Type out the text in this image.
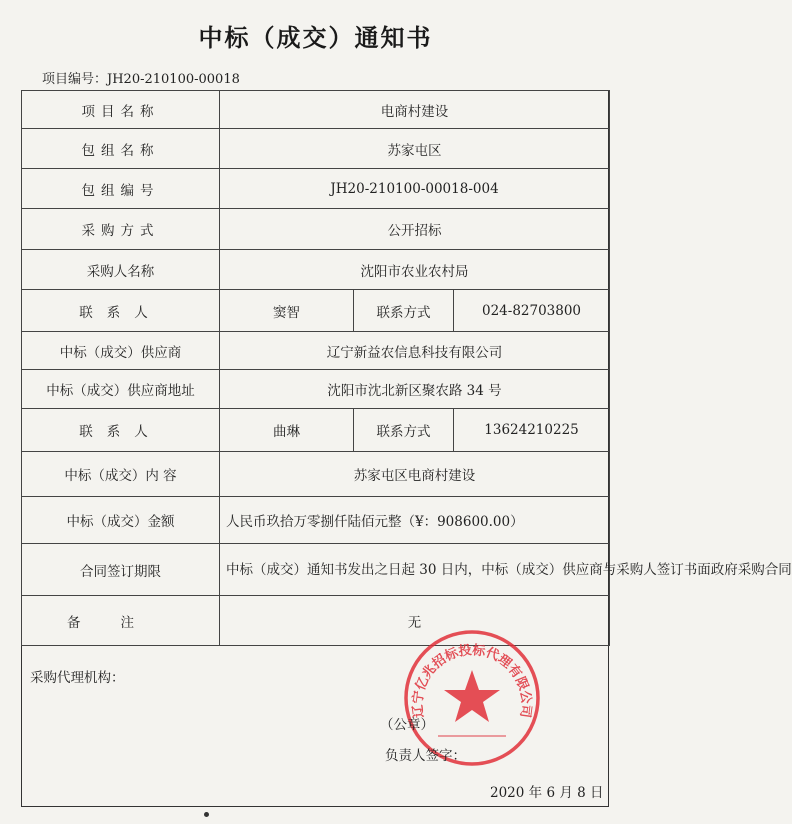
中标（成交）通知书
项目编号：JH20-210100-00018
项目名称	电商村建设		
包组名称	苏家屯区		
包组编号	JH20-210100-00018-004		
采购方式	公开招标		
采购人名称	沈阳市农业农村局		
联系人	窦智	联系方式	024-82703800
中标（成交）供应商	辽宁新益农信息科技有限公司		
中标（成交）供应商地址	沈阳市沈北新区聚农路 34 号		
联系人	曲琳	联系方式	13624210225
中标（成交）内 容	苏家屯区电商村建设		
中标（成交）金额	人民币玖拾万零捌仟陆佰元整（¥：908600.00）		
合同签订期限	中标（成交）通知书发出之日起 30 日内，中标（成交）供应商与采购人签订书面政府采购合同		
备注	无		
采购代理机构：
辽宁亿兆招标投标代理有限公司
（公章）
负责人签字：
2020 年 6 月 8 日
